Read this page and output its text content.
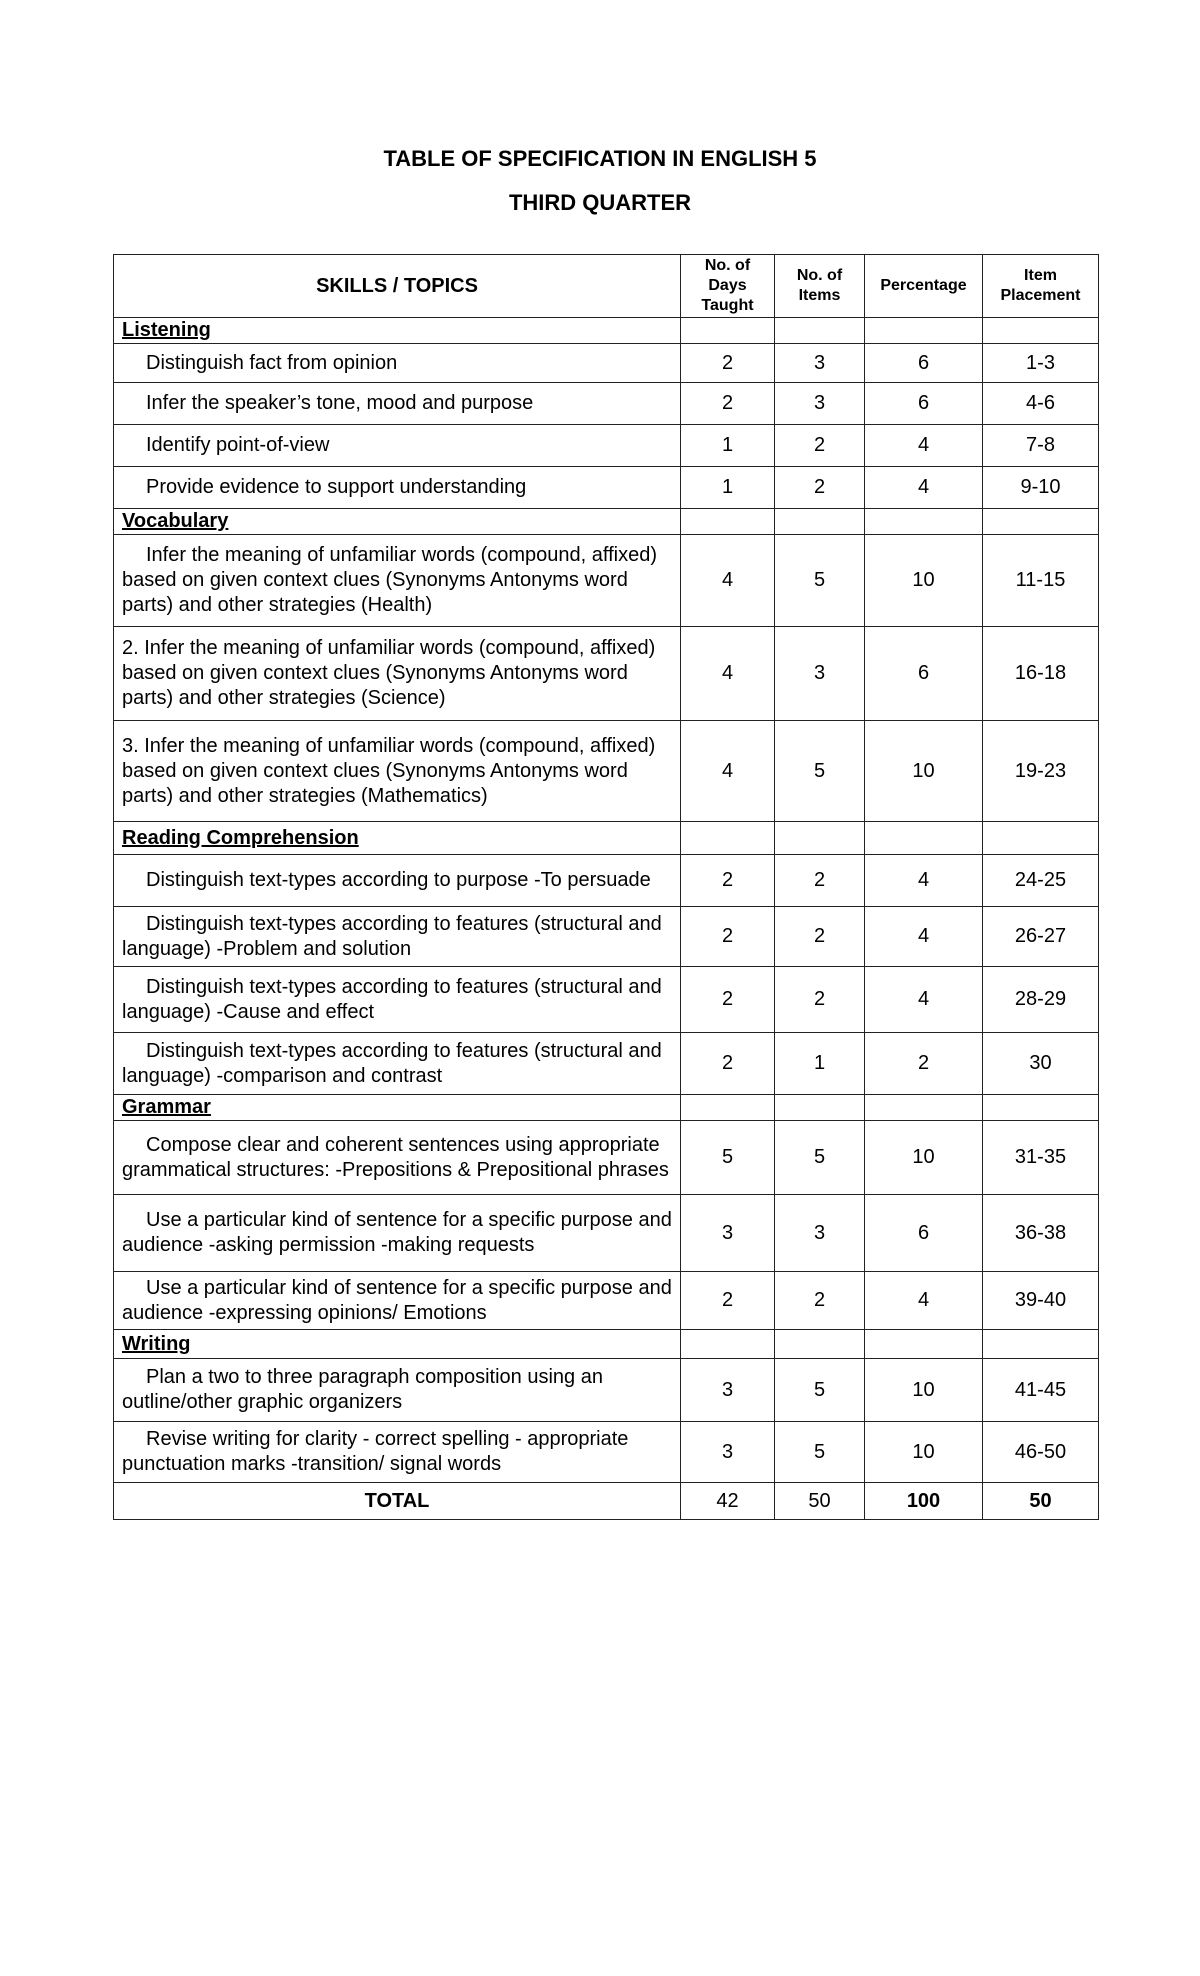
TABLE OF SPECIFICATION IN ENGLISH 5
THIRD QUARTER
SKILLS / TOPICS	No. of Days Taught	No. of Items	Percentage	Item Placement
Listening				
Distinguish fact from opinion	2	3	6	1-3
Infer the speaker’s tone, mood and purpose	2	3	6	4-6
Identify point-of-view	1	2	4	7-8
Provide evidence to support understanding	1	2	4	9-10
Vocabulary				
Infer the meaning of unfamiliar words (compound, affixed) based on given context clues (Synonyms Antonyms word parts) and other strategies (Health)	4	5	10	11-15
2. Infer the meaning of unfamiliar words (compound, affixed) based on given context clues (Synonyms Antonyms word parts) and other strategies (Science)	4	3	6	16-18
3. Infer the meaning of unfamiliar words (compound, affixed) based on given context clues (Synonyms Antonyms word parts) and other strategies (Mathematics)	4	5	10	19-23
Reading Comprehension				
Distinguish text-types according to purpose -To persuade	2	2	4	24-25
Distinguish text-types according to features (structural and language) -Problem and solution	2	2	4	26-27
Distinguish text-types according to features (structural and language) -Cause and effect	2	2	4	28-29
Distinguish text-types according to features (structural and language) -comparison and contrast	2	1	2	30
Grammar				
Compose clear and coherent sentences using appropriate grammatical structures: -Prepositions & Prepositional phrases	5	5	10	31-35
Use a particular kind of sentence for a specific purpose and audience -asking permission -making requests	3	3	6	36-38
Use a particular kind of sentence for a specific purpose and audience -expressing opinions/ Emotions	2	2	4	39-40
Writing				
Plan a two to three paragraph composition using an outline/other graphic organizers	3	5	10	41-45
Revise writing for clarity - correct spelling - appropriate punctuation marks -transition/ signal words	3	5	10	46-50
TOTAL	42	50	100	50
